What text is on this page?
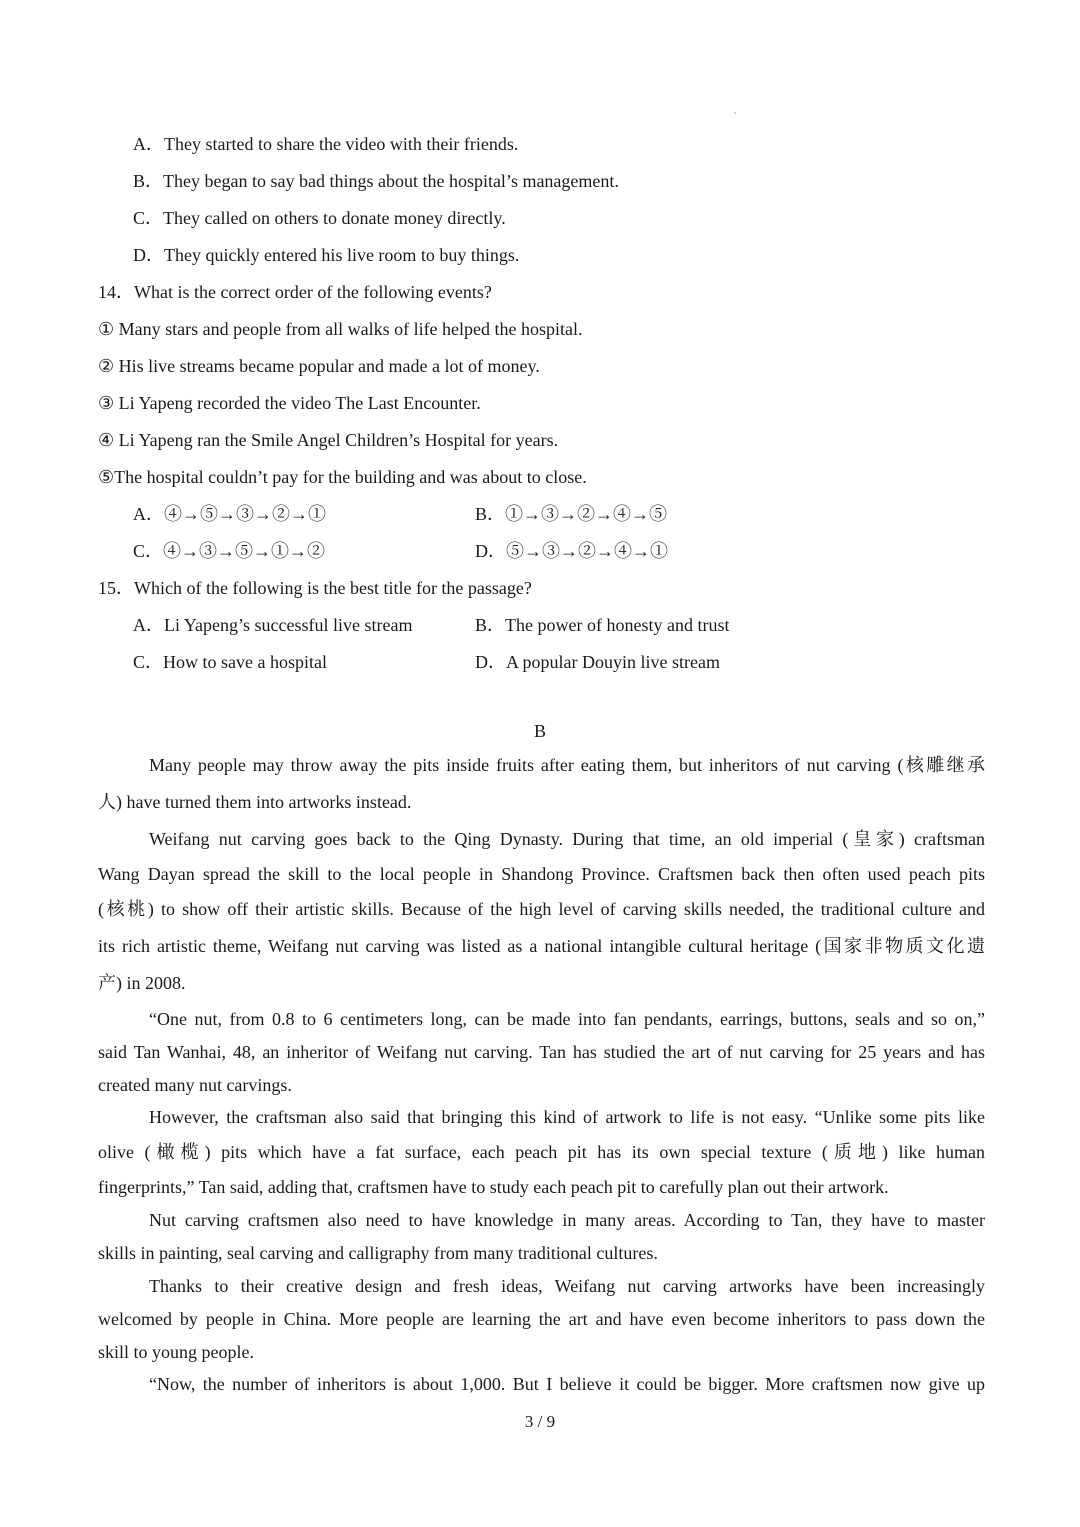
A．They started to share the video with their friends.
B．They began to say bad things about the hospital’s management.
C．They called on others to donate money directly.
D．They quickly entered his live room to buy things.
14．What is the correct order of the following events?
① Many stars and people from all walks of life helped the hospital.
② His live streams became popular and made a lot of money.
③ Li Yapeng recorded the video The Last Encounter.
④ Li Yapeng ran the Smile Angel Children’s Hospital for years.
⑤The hospital couldn’t pay for the building and was about to close.
A．④→⑤→③→②→①	B．①→③→②→④→⑤
C．④→③→⑤→①→②	D．⑤→③→②→④→①
15．Which of the following is the best title for the passage?
A．Li Yapeng’s successful live stream	B．The power of honesty and trust
C．How to save a hospital	D．A popular Douyin live stream
B
Many people may throw away the pits inside fruits after eating them, but inheritors of nut carving (核雕继承
人) have turned them into artworks instead.
Weifang nut carving goes back to the Qing Dynasty. During that time, an old imperial (皇家) craftsman
Wang Dayan spread the skill to the local people in Shandong Province. Craftsmen back then often used peach pits
(核桃) to show off their artistic skills. Because of the high level of carving skills needed, the traditional culture and
its rich artistic theme, Weifang nut carving was listed as a national intangible cultural heritage (国家非物质文化遗
产) in 2008.
“One nut, from 0.8 to 6 centimeters long, can be made into fan pendants, earrings, buttons, seals and so on,”
said Tan Wanhai, 48, an inheritor of Weifang nut carving. Tan has studied the art of nut carving for 25 years and has
created many nut carvings.
However, the craftsman also said that bringing this kind of artwork to life is not easy. “Unlike some pits like
olive (橄榄) pits which have a fat surface, each peach pit has its own special texture (质地) like human
fingerprints,” Tan said, adding that, craftsmen have to study each peach pit to carefully plan out their artwork.
Nut carving craftsmen also need to have knowledge in many areas. According to Tan, they have to master
skills in painting, seal carving and calligraphy from many traditional cultures.
Thanks to their creative design and fresh ideas, Weifang nut carving artworks have been increasingly
welcomed by people in China. More people are learning the art and have even become inheritors to pass down the
skill to young people.
“Now, the number of inheritors is about 1,000. But I believe it could be bigger. More craftsmen now give up
3 / 9
